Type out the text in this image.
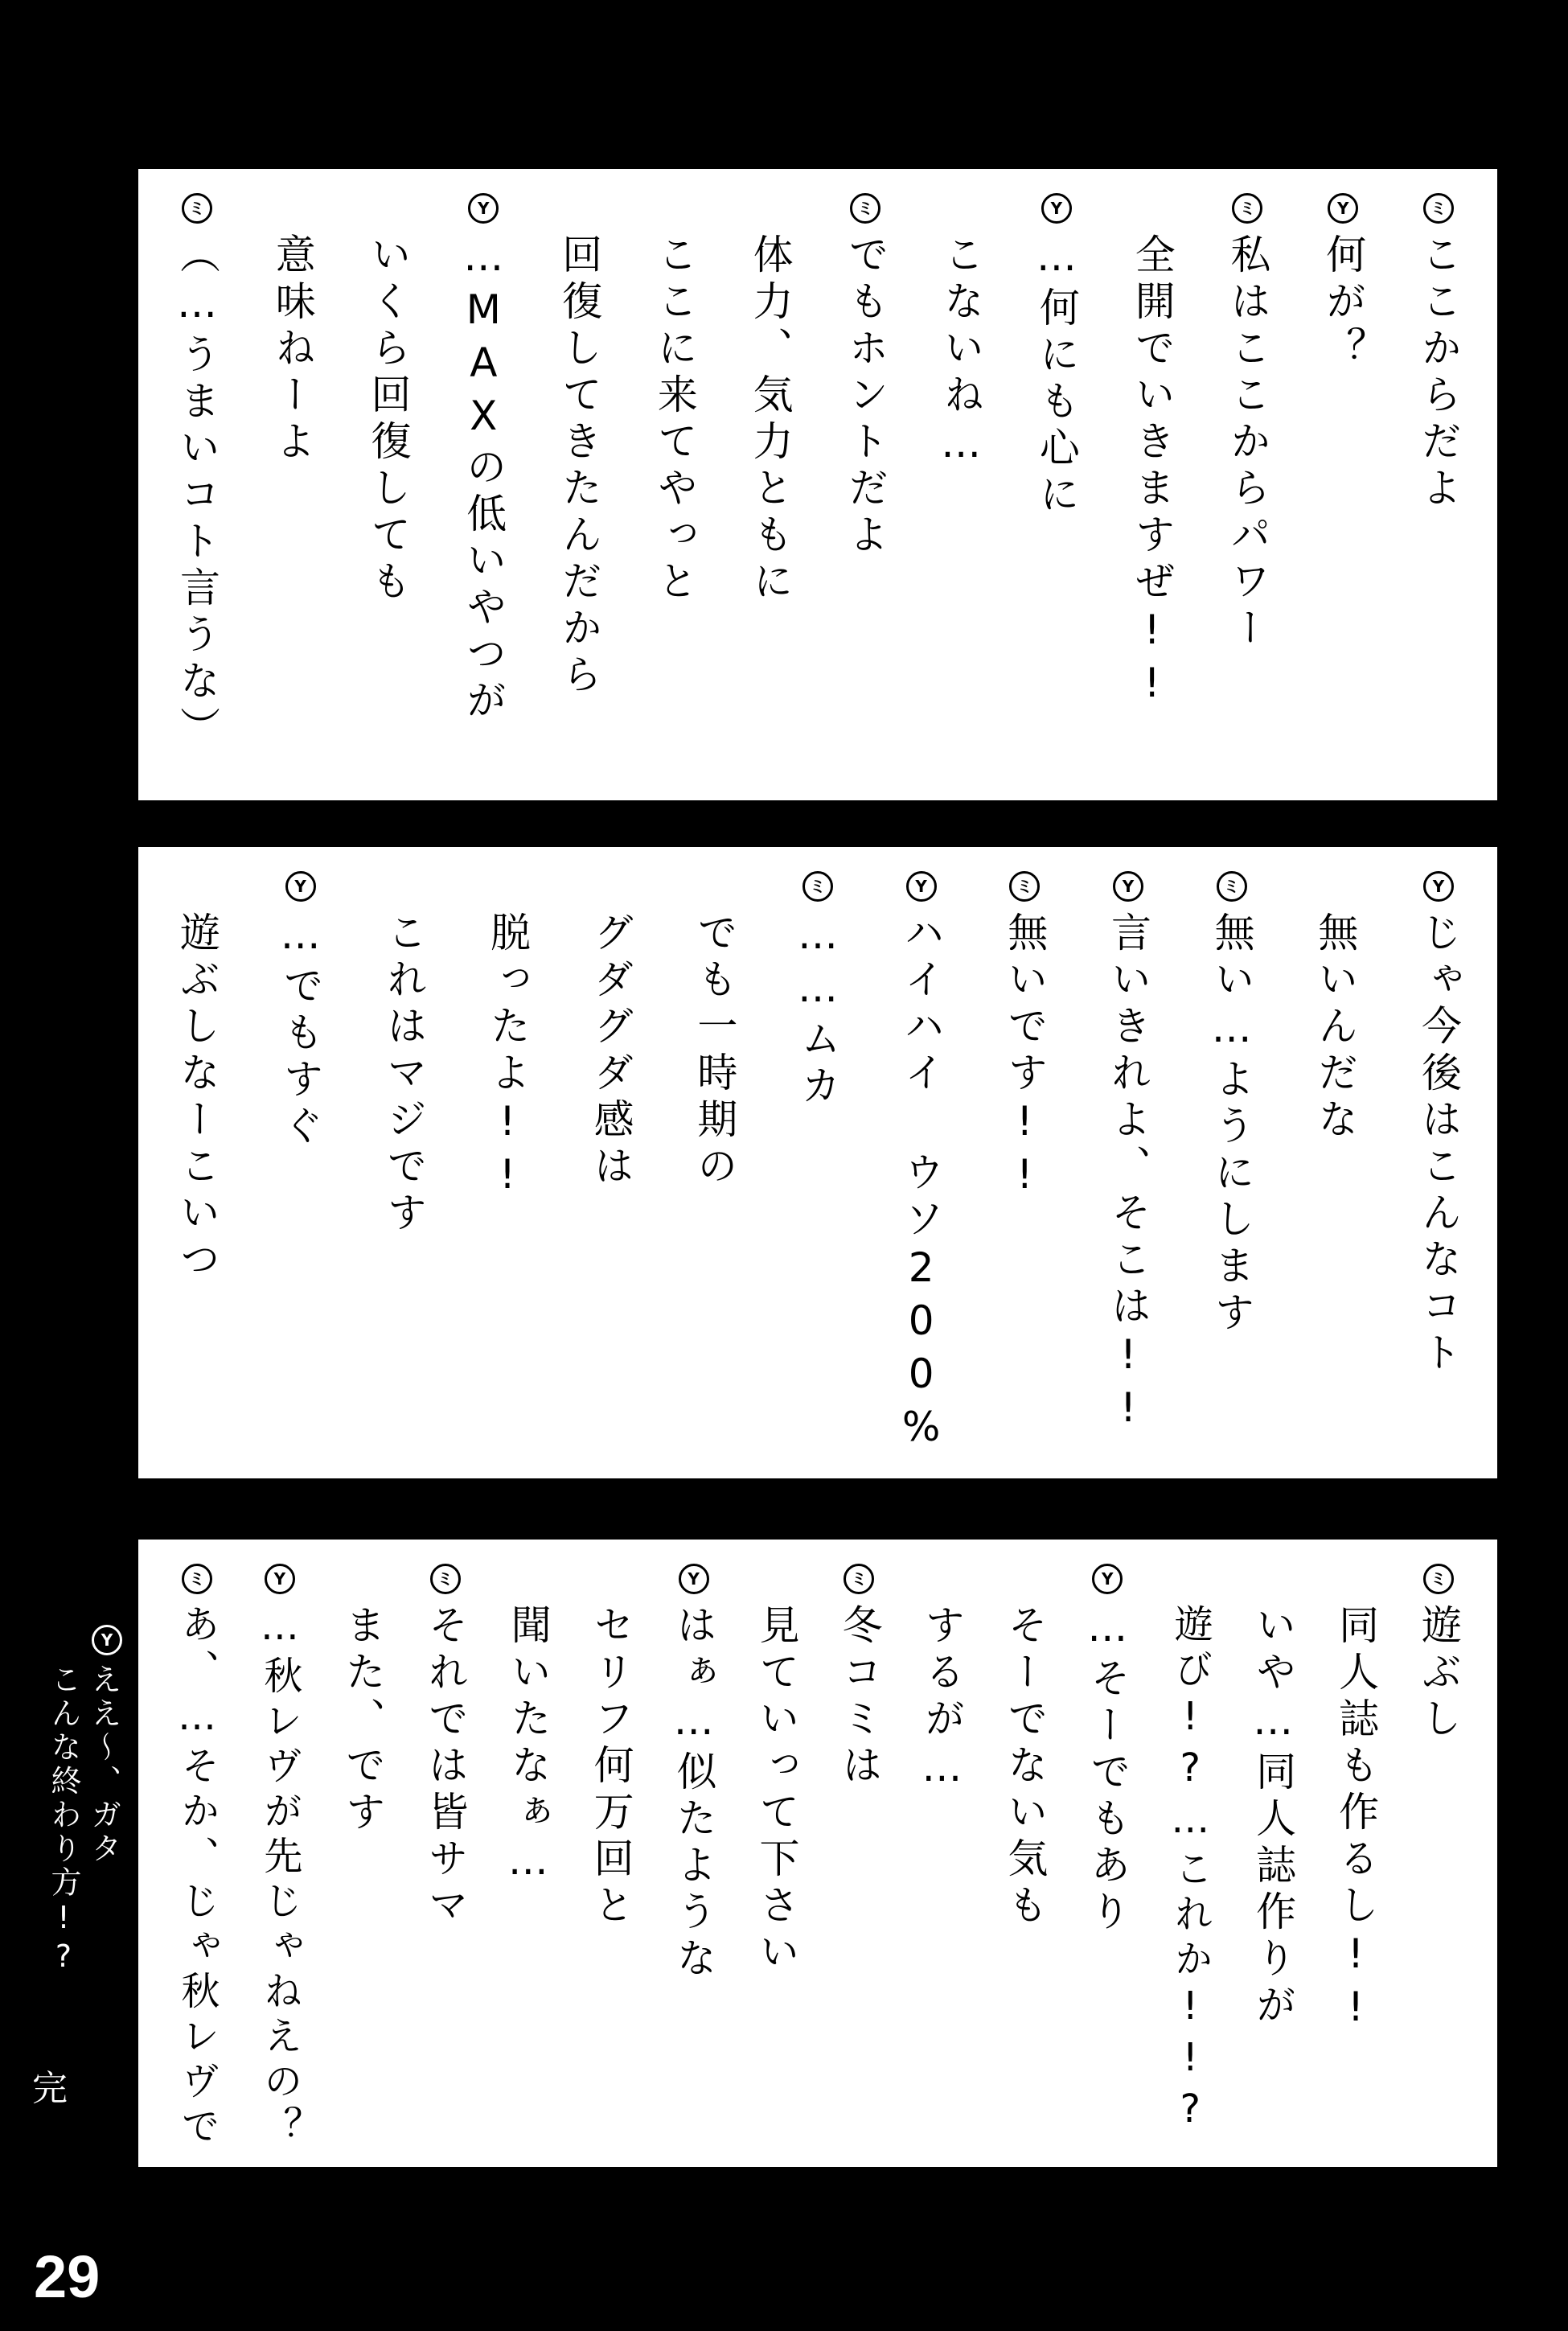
ミ
ここからだよ
Y
何が？
ミ
私はここからパワー
全開でいきますぜ!!
Y
…何にも心に
こないね…
ミ
でもホントだよ
体力、気力ともに
ここに来てやっと
回復してきたんだから
Y
…MAXの低いやつが
いくら回復しても
意味ねーよ
ミ
（…うまいコト言うな）
Y
じゃ今後はこんなコト
無いんだな
ミ
無い…ようにします
Y
言いきれよ、そこは!!
ミ
無いです!!
Y
ハイハイ ウソ200%
ミ
……ムカ
でも一時期の
グダグダ感は
脱ったよ!!
これはマジです
Y
…でもすぐ
遊ぶしなーこいつ
ミ
遊ぶし
同人誌も作るし!!
いや…同人誌作りが
遊び!?…これか!!?
Y
…そーでもあり
そーでない気も
するが…
ミ
冬コミは
見ていって下さい
Y
はぁ…似たような
セリフ何万回と
聞いたなぁ…
ミ
それでは皆サマ
また、です
Y
…秋レヴが先じゃねえの？
ミ
あ、…そか、じゃ秋レヴで
Y
ええ〜、ガタ
こんな終わり方!?
完
29
